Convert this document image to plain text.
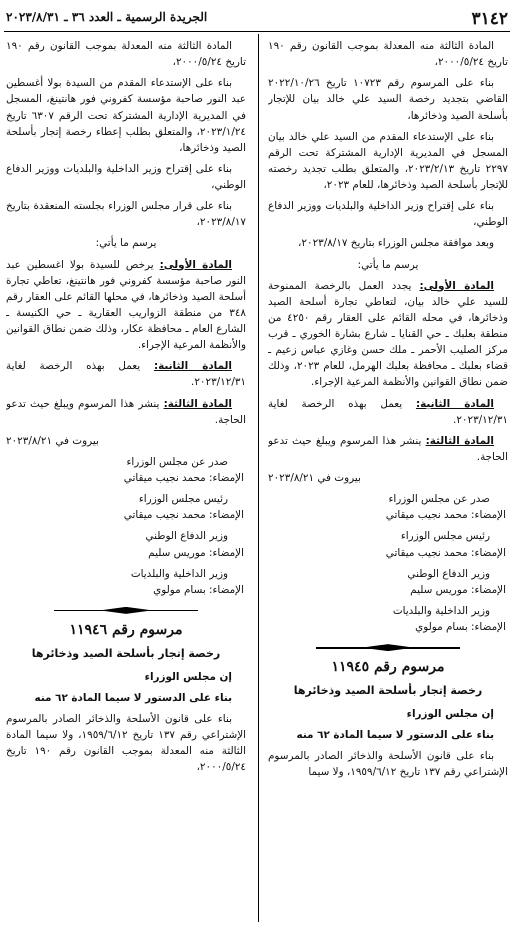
الجريدة الرسمية ـ العدد ٣٦ ـ ٢٠٢٣/٨/٣١	٣١٤٢

المادة الثالثة منه المعدلة بموجب القانون رقم ١٩٠ تاريخ ٢٠٠٠/٥/٢٤،

بناء على المرسوم رقم ١٠٧٢٣ تاريخ ٢٠٢٢/١٠/٢٦ القاضي بتجديد رخصة السيد علي خالد بيان للإتجار بأسلحة الصيد وذخائرها،

بناء على الإستدعاء المقدم من السيد علي خالد بيان المسجل في المديرية الإدارية المشتركة تحت الرقم ٢٢٩٧ تاريخ ٢٠٢٣/٢/١٣، والمتعلق بطلب تجديد رخصته للإتجار بأسلحة الصيد وذخائرها، للعام ٢٠٢٣،

بناء على إقتراح وزير الداخلية والبلديات ووزير الدفاع الوطني،

وبعد موافقة مجلس الوزراء بتاريخ ٢٠٢٣/٨/١٧،

يرسم ما يأتي:

المادة الأولى: يجدد العمل بالرخصة الممنوحة للسيد علي خالد بيان، لتعاطي تجارة أسلحة الصيد وذخائرها، في محله القائم على العقار رقم ٤٢٥٠ من منطقة بعلبك ـ حي القنايا ـ شارع بشارة الخوري ـ قرب مركز الصليب الأحمر ـ ملك حسن وغازي عباس زعيم ـ قضاء بعلبك ـ محافظة بعلبك الهرمل، للعام ٢٠٢٣، وذلك ضمن نطاق القوانين والأنظمة المرعية الإجراء.

المادة الثانية: يعمل بهذه الرخصة لغاية ٢٠٢٣/١٢/٣١.

المادة الثالثة: ينشر هذا المرسوم ويبلغ حيث تدعو الحاجة.

بيروت في ٢٠٢٣/٨/٢١

صدر عن مجلس الوزراء
الإمضاء: محمد نجيب ميقاتي
رئيس مجلس الوزراء
الإمضاء: محمد نجيب ميقاتي
وزير الدفاع الوطني
الإمضاء: موريس سليم
وزير الداخلية والبلديات
الإمضاء: بسام مولوي
مرسوم رقم ١١٩٤٥
رخصة إتجار بأسلحة الصيد وذخائرها

إن مجلس الوزراء

بناء على الدستور لا سيما المادة ٦٢ منه

بناء على قانون الأسلحة والذخائر الصادر بالمرسوم الإشتراعي رقم ١٣٧ تاريخ ١٩٥٩/٦/١٢، ولا سيما

المادة الثالثة منه المعدلة بموجب القانون رقم ١٩٠ تاريخ ٢٠٠٠/٥/٢٤،

بناء على الإستدعاء المقدم من السيدة بولا أغسطين عبد النور صاحبة مؤسسة كفروني فور هانتينغ، المسجل في المديرية الإدارية المشتركة تحت الرقم ٦٣٠٧ تاريخ ٢٠٢٣/١/٢٤، والمتعلق بطلب إعطاء رخصة إتجار بأسلحة الصيد وذخائرها،

بناء على إقتراح وزير الداخلية والبلديات ووزير الدفاع الوطني،

بناء على قرار مجلس الوزراء بجلسته المنعقدة بتاريخ ٢٠٢٣/٨/١٧،

يرسم ما يأتي:

المادة الأولى: يرخص للسيدة بولا اغسطين عبد النور صاحبة مؤسسة كفروني فور هانتينغ، تعاطي تجارة أسلحة الصيد وذخائرها، في محلها القائم على العقار رقم ٣٤٨ من منطقة الزواريب العقارية ـ حي الكنيسة ـ الشارع العام ـ محافظة عكار، وذلك ضمن نطاق القوانين والأنظمة المرعية الإجراء.

المادة الثانية: يعمل بهذه الرخصة لغاية ٢٠٢٣/١٢/٣١.

المادة الثالثة: ينشر هذا المرسوم ويبلغ حيث تدعو الحاجة.

بيروت في ٢٠٢٣/٨/٢١

صدر عن مجلس الوزراء
الإمضاء: محمد نجيب ميقاتي
رئيس مجلس الوزراء
الإمضاء: محمد نجيب ميقاتي
وزير الدفاع الوطني
الإمضاء: موريس سليم
وزير الداخلية والبلديات
الإمضاء: بسام مولوي
مرسوم رقم ١١٩٤٦
رخصة إتجار بأسلحة الصيد وذخائرها

إن مجلس الوزراء

بناء على الدستور لا سيما المادة ٦٢ منه

بناء على قانون الأسلحة والذخائر الصادر بالمرسوم الإشتراعي رقم ١٣٧ تاريخ ١٩٥٩/٦/١٢، ولا سيما المادة الثالثة منه المعدلة بموجب القانون رقم ١٩٠ تاريخ ٢٠٠٠/٥/٢٤،
